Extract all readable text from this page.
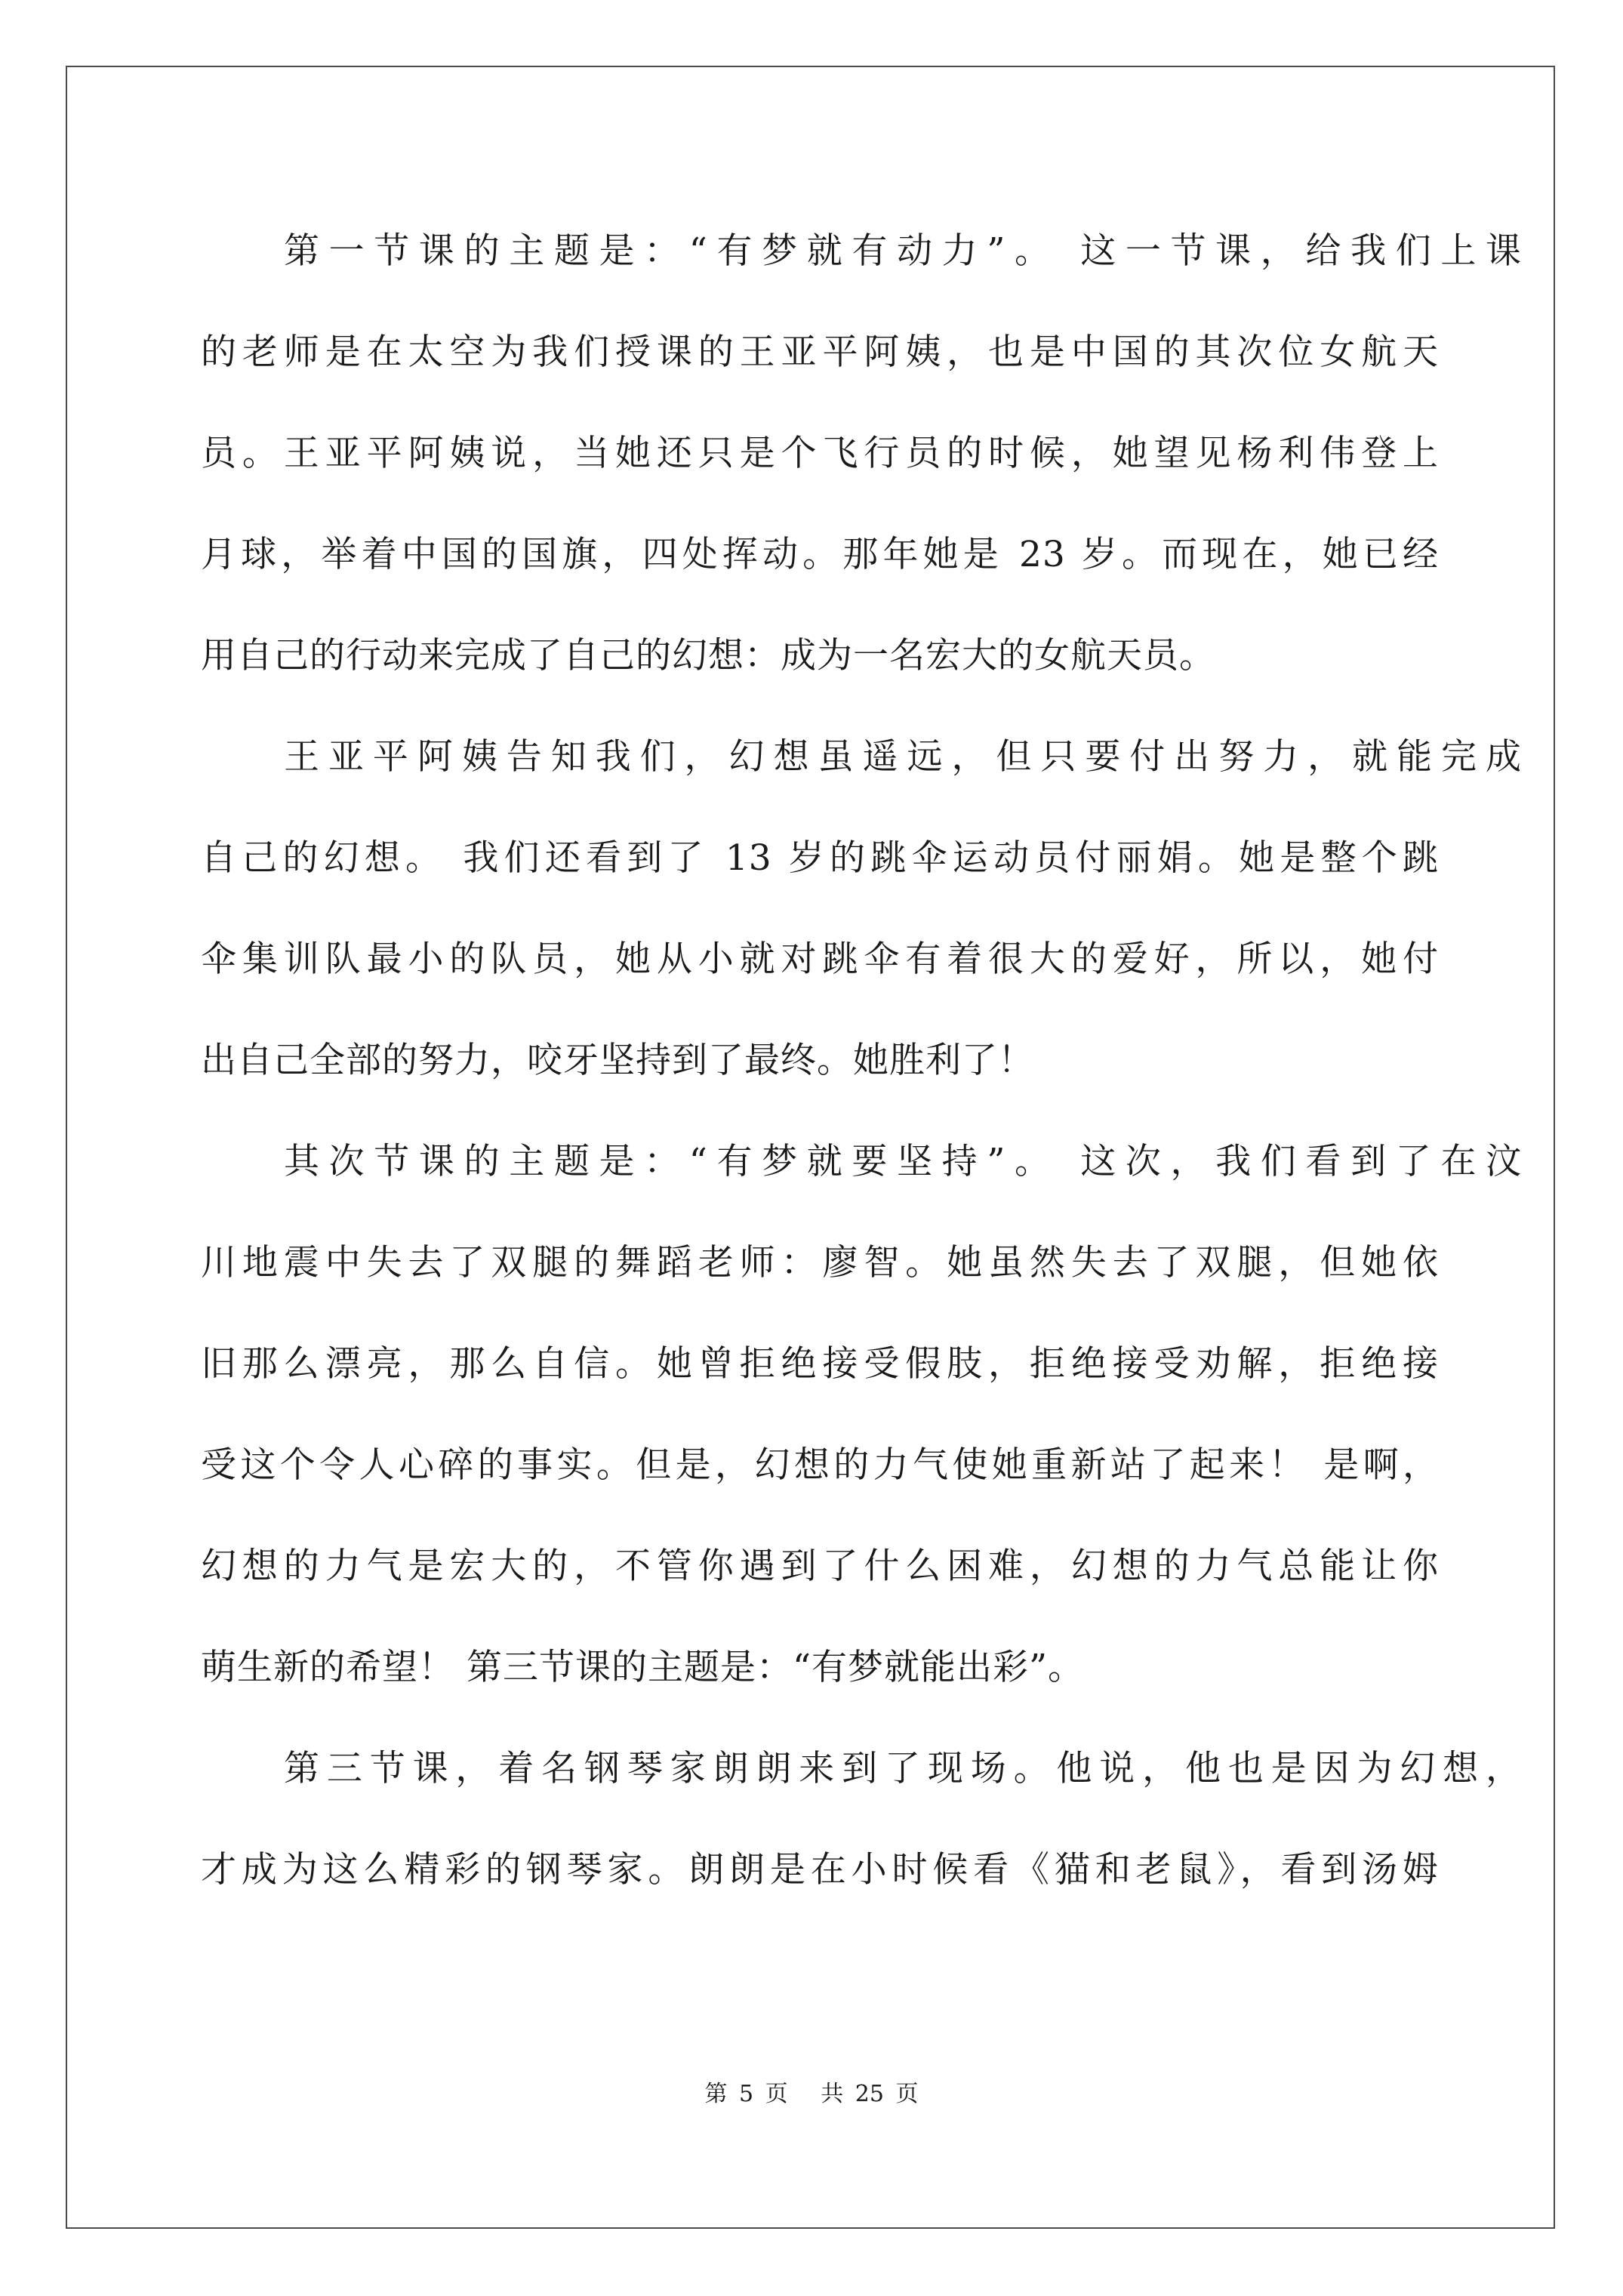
第一节课的主题是：“有梦就有动力”。 这一节课，给我们上课
的老师是在太空为我们授课的王亚平阿姨，也是中国的其次位女航天
员。王亚平阿姨说，当她还只是个飞行员的时候，她望见杨利伟登上
月球，举着中国的国旗，四处挥动。那年她是 23 岁。而现在，她已经
用自己的行动来完成了自己的幻想：成为一名宏大的女航天员。
王亚平阿姨告知我们，幻想虽遥远，但只要付出努力，就能完成
自己的幻想。 我们还看到了 13 岁的跳伞运动员付丽娟。她是整个跳
伞集训队最小的队员，她从小就对跳伞有着很大的爱好，所以，她付
出自己全部的努力，咬牙坚持到了最终。她胜利了！
其次节课的主题是：“有梦就要坚持”。 这次，我们看到了在汶
川地震中失去了双腿的舞蹈老师：廖智。她虽然失去了双腿，但她依
旧那么漂亮，那么自信。她曾拒绝接受假肢，拒绝接受劝解，拒绝接
受这个令人心碎的事实。但是，幻想的力气使她重新站了起来！ 是啊，
幻想的力气是宏大的，不管你遇到了什么困难，幻想的力气总能让你
萌生新的希望！ 第三节课的主题是：“有梦就能出彩”。
第三节课，着名钢琴家朗朗来到了现场。他说，他也是因为幻想，
才成为这么精彩的钢琴家。朗朗是在小时候看《猫和老鼠》，看到汤姆
第 5 页 共 25 页
